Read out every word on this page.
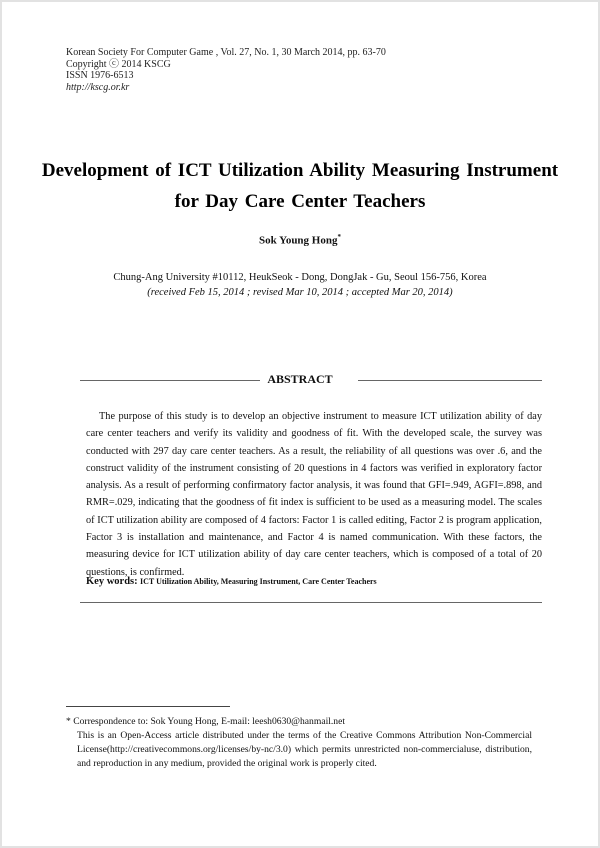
Korean Society For Computer Game , Vol. 27, No. 1, 30 March 2014, pp. 63-70
Copyright ⓒ 2014 KSCG
ISSN 1976-6513
http://kscg.or.kr
Development of ICT Utilization Ability Measuring Instrument for Day Care Center Teachers
Sok Young Hong*
Chung-Ang University #10112, HeukSeok - Dong, DongJak - Gu, Seoul 156-756, Korea
(received Feb 15, 2014 ; revised Mar 10, 2014 ; accepted Mar 20, 2014)
ABSTRACT
The purpose of this study is to develop an objective instrument to measure ICT utilization ability of day care center teachers and verify its validity and goodness of fit. With the developed scale, the survey was conducted with 297 day care center teachers. As a result, the reliability of all questions was over .6, and the construct validity of the instrument consisting of 20 questions in 4 factors was verified in exploratory factor analysis. As a result of performing confirmatory factor analysis, it was found that GFI=.949, AGFI=.898, and RMR=.029, indicating that the goodness of fit index is sufficient to be used as a measuring model. The scales of ICT utilization ability are composed of 4 factors: Factor 1 is called editing, Factor 2 is program application, Factor 3 is installation and maintenance, and Factor 4 is named communication. With these factors, the measuring device for ICT utilization ability of day care center teachers, which is composed of a total of 20 questions, is confirmed.
Key words: ICT Utilization Ability, Measuring Instrument, Care Center Teachers
* Correspondence to: Sok Young Hong, E-mail: leesh0630@hanmail.net
This is an Open-Access article distributed under the terms of the Creative Commons Attribution Non-Commercial License(http://creativecommons.org/licenses/by-nc/3.0) which permits unrestricted non-commercialuse, distribution, and reproduction in any medium, provided the original work is properly cited.
